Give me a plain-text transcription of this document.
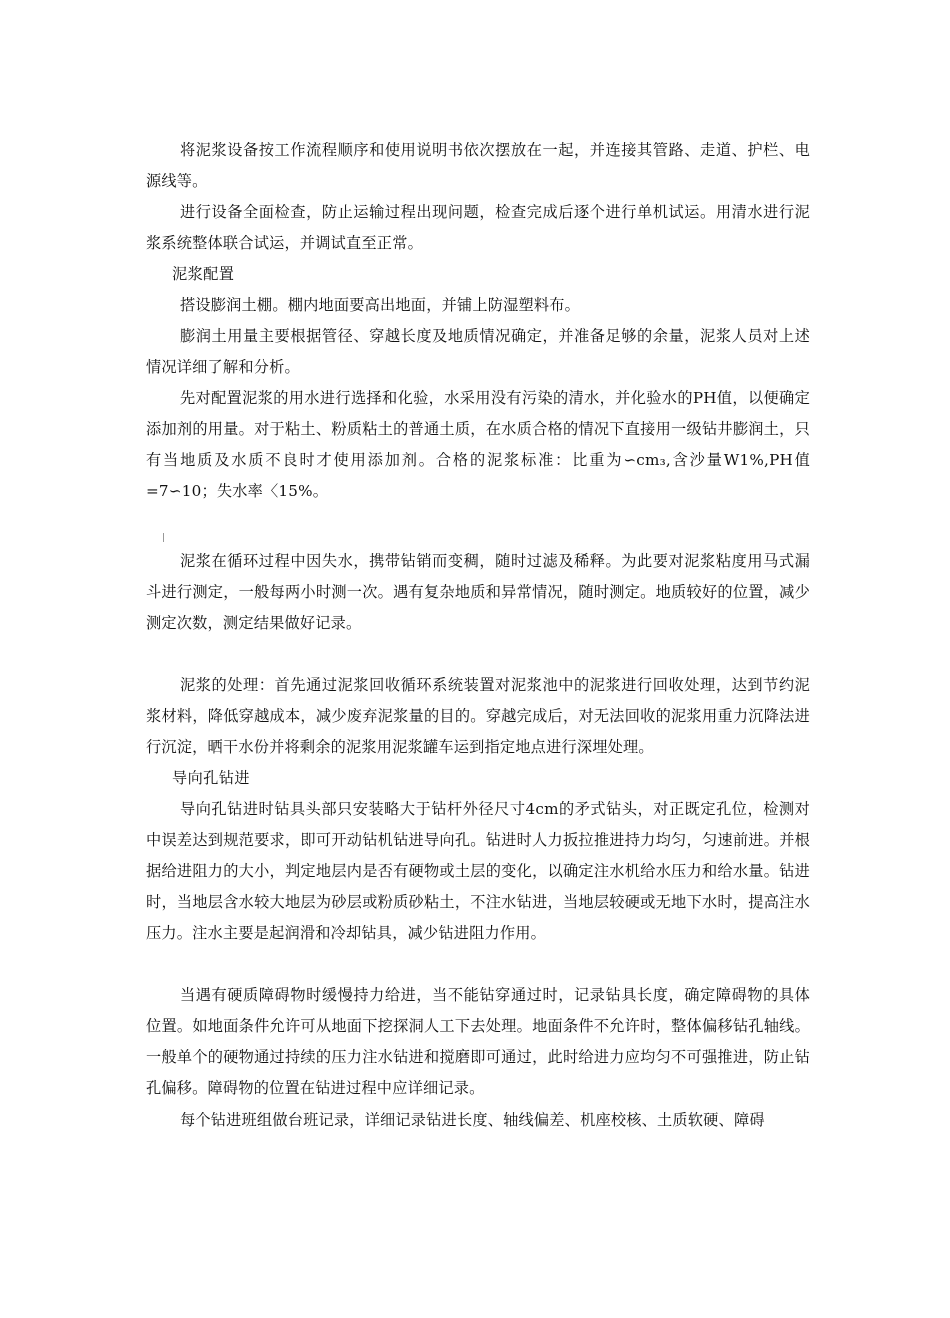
将泥浆设备按工作流程顺序和使用说明书依次摆放在一起，并连接其管路、走道、护栏、电源线等。

进行设备全面检查，防止运输过程出现问题，检查完成后逐个进行单机试运。用清水进行泥浆系统整体联合试运，并调试直至正常。

泥浆配置

搭设膨润土棚。棚内地面要高出地面，并铺上防湿塑料布。

膨润土用量主要根据管径、穿越长度及地质情况确定，并准备足够的余量，泥浆人员对上述情况详细了解和分析。

先对配置泥浆的用水进行选择和化验，水采用没有污染的清水，并化验水的PH值，以便确定添加剂的用量。对于粘土、粉质粘土的普通土质，在水质合格的情况下直接用一级钻井膨润土，只有当地质及水质不良时才使用添加剂。合格的泥浆标准：比重为∽cm₃,含沙量W1%,PH值=7∽10；失水率〈15%。

泥浆在循环过程中因失水，携带钻销而变稠，随时过滤及稀释。为此要对泥浆粘度用马式漏斗进行测定，一般每两小时测一次。遇有复杂地质和异常情况，随时测定。地质较好的位置，减少测定次数，测定结果做好记录。

泥浆的处理：首先通过泥浆回收循环系统装置对泥浆池中的泥浆进行回收处理，达到节约泥浆材料，降低穿越成本，减少废弃泥浆量的目的。穿越完成后，对无法回收的泥浆用重力沉降法进行沉淀，晒干水份并将剩余的泥浆用泥浆罐车运到指定地点进行深埋处理。

导向孔钻进

导向孔钻进时钻具头部只安装略大于钻杆外径尺寸4cm的矛式钻头，对正既定孔位，检测对中误差达到规范要求，即可开动钻机钻进导向孔。钻进时人力扳拉推进持力均匀，匀速前进。并根据给进阻力的大小，判定地层内是否有硬物或土层的变化，以确定注水机给水压力和给水量。钻进时，当地层含水较大地层为砂层或粉质砂粘土，不注水钻进，当地层较硬或无地下水时，提高注水压力。注水主要是起润滑和冷却钻具，减少钻进阻力作用。

当遇有硬质障碍物时缓慢持力给进，当不能钻穿通过时，记录钻具长度，确定障碍物的具体位置。如地面条件允许可从地面下挖探洞人工下去处理。地面条件不允许时，整体偏移钻孔轴线。一般单个的硬物通过持续的压力注水钻进和搅磨即可通过，此时给进力应均匀不可强推进，防止钻孔偏移。障碍物的位置在钻进过程中应详细记录。

每个钻进班组做台班记录，详细记录钻进长度、轴线偏差、机座校核、土质软硬、障碍
